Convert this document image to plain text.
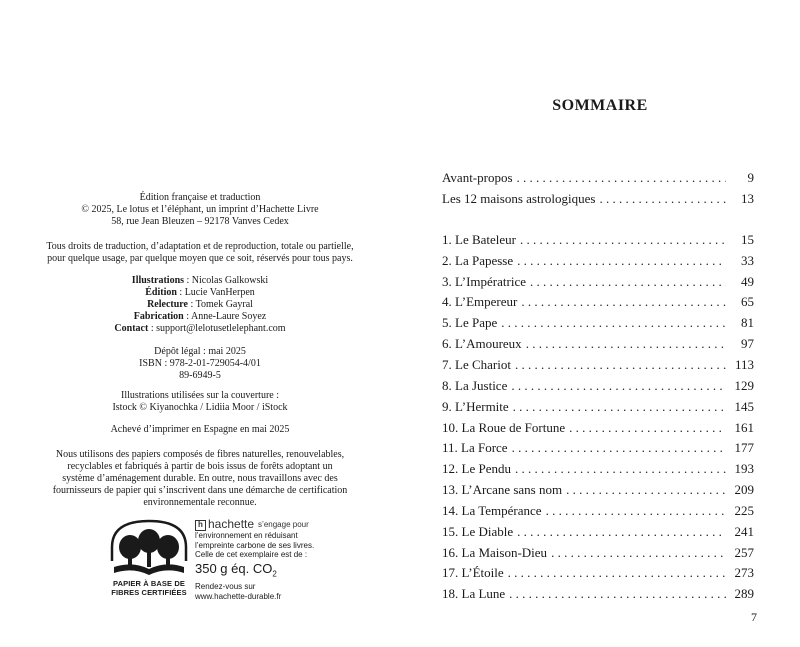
Édition française et traduction

© 2025, Le lotus et l’éléphant, un imprint d’Hachette Livre

58, rue Jean Bleuzen – 92178 Vanves Cedex

Tous droits de traduction, d’adaptation et de reproduction, totale ou partielle,

pour quelque usage, par quelque moyen que ce soit, réservés pour tous pays.

Illustrations : Nicolas Galkowski

Édition : Lucie VanHerpen

Relecture : Tomek Gayral

Fabrication : Anne-Laure Soyez

Contact : support@lelotusetlelephant.com

Dépôt légal : mai 2025

ISBN : 978-2-01-729054-4/01

89-6949-5

Illustrations utilisées sur la couverture :

Istock © Kiyanochka / Lidiia Moor / iStock

Achevé d’imprimer en Espagne en mai 2025

Nous utilisons des papiers composés de fibres naturelles, renouvelables,

recyclables et fabriqués à partir de bois issus de forêts adoptant un

système d’aménagement durable. En outre, nous travaillons avec des

fournisseurs de papier qui s’inscrivent dans une démarche de certification

environnementale reconnue.

PAPIER À BASE DE
FIBRES CERTIFIÉES
h hachette s’engage pour
l’environnement en réduisant
l’empreinte carbone de ses livres.
Celle de cet exemplaire est de :
350 g éq. $CO_2$
Rendez-vous sur
www.hachette-durable.fr
SOMMAIRE
Avant-propos . . .	9
Les 12 maisons astrologiques . . .	13
1. Le Bateleur . . .	15
2. La Papesse . . .	33
3. L’Impératrice . . .	49
4. L’Empereur . . .	65
5. Le Pape . . .	81
6. L’Amoureux . . .	97
7. Le Chariot . . .	113
8. La Justice . . .	129
9. L’Hermite . . .	145
10. La Roue de Fortune . . .	161
11. La Force . . .	177
12. Le Pendu . . .	193
13. L’Arcane sans nom . . .	209
14. La Tempérance . . .	225
15. Le Diable . . .	241
16. La Maison-Dieu . . .	257
17. L’Étoile . . .	273
18. La Lune . . .	289
7
